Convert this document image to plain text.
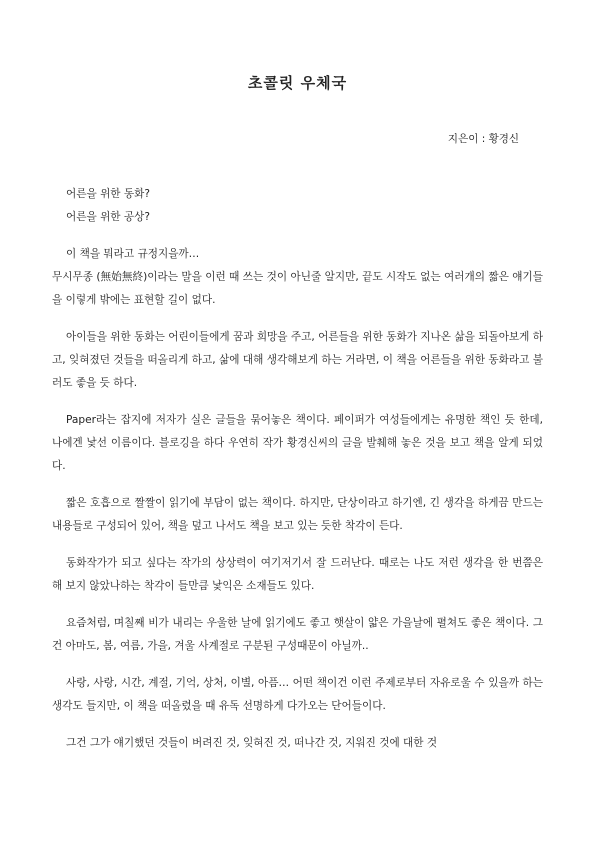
초콜릿 우체국
지은이 : 황경신
어른을 위한 동화?
어른을 위한 공상?

이 책을 뭐라고 규정지을까…

무시무종 (無始無終)이라는 말을 이런 때 쓰는 것이 아닌줄 알지만, 끝도 시작도 없는 여러개의 짧은 얘기들을 이렇게 밖에는 표현할 길이 없다.

아이들을 위한 동화는 어린이들에게 꿈과 희망을 주고, 어른들을 위한 동화가 지나온 삶을 되돌아보게 하고, 잊혀졌던 것들을 떠올리게 하고, 삶에 대해 생각해보게 하는 거라면, 이 책을 어른들을 위한 동화라고 불러도 좋을 듯 하다.

Paper라는 잡지에 저자가 실은 글들을 묶어놓은 책이다. 페이퍼가 여성들에게는 유명한 책인 듯 한데, 나에겐 낯선 이름이다. 블로깅을 하다 우연히 작가 황경신씨의 글을 발췌해 놓은 것을 보고 책을 알게 되었다.

짧은 호흡으로 짤짤이 읽기에 부담이 없는 책이다. 하지만, 단상이라고 하기엔, 긴 생각을 하게끔 만드는 내용들로 구성되어 있어, 책을 덮고 나서도 책을 보고 있는 듯한 착각이 든다.

동화작가가 되고 싶다는 작가의 상상력이 여기저기서 잘 드러난다. 때로는 나도 저런 생각을 한 번쯤은 해 보지 않았나하는 착각이 들만큼 낯익은 소재들도 있다.

요즘처럼, 며칠째 비가 내리는 우울한 날에 읽기에도 좋고 햇살이 얇은 가을날에 펼쳐도 좋은 책이다. 그건 아마도, 봄, 여름, 가을, 겨울 사계절로 구분된 구성때문이 아닐까..

사랑, 사랑, 시간, 계절, 기억, 상처, 이별, 아픔… 어떤 책이건 이런 주제로부터 자유로울 수 있을까 하는 생각도 들지만, 이 책을 떠올렸을 때 유독 선명하게 다가오는 단어들이다.

그건 그가 얘기했던 것들이 버려진 것, 잊혀진 것, 떠나간 것, 지워진 것에 대한 것
